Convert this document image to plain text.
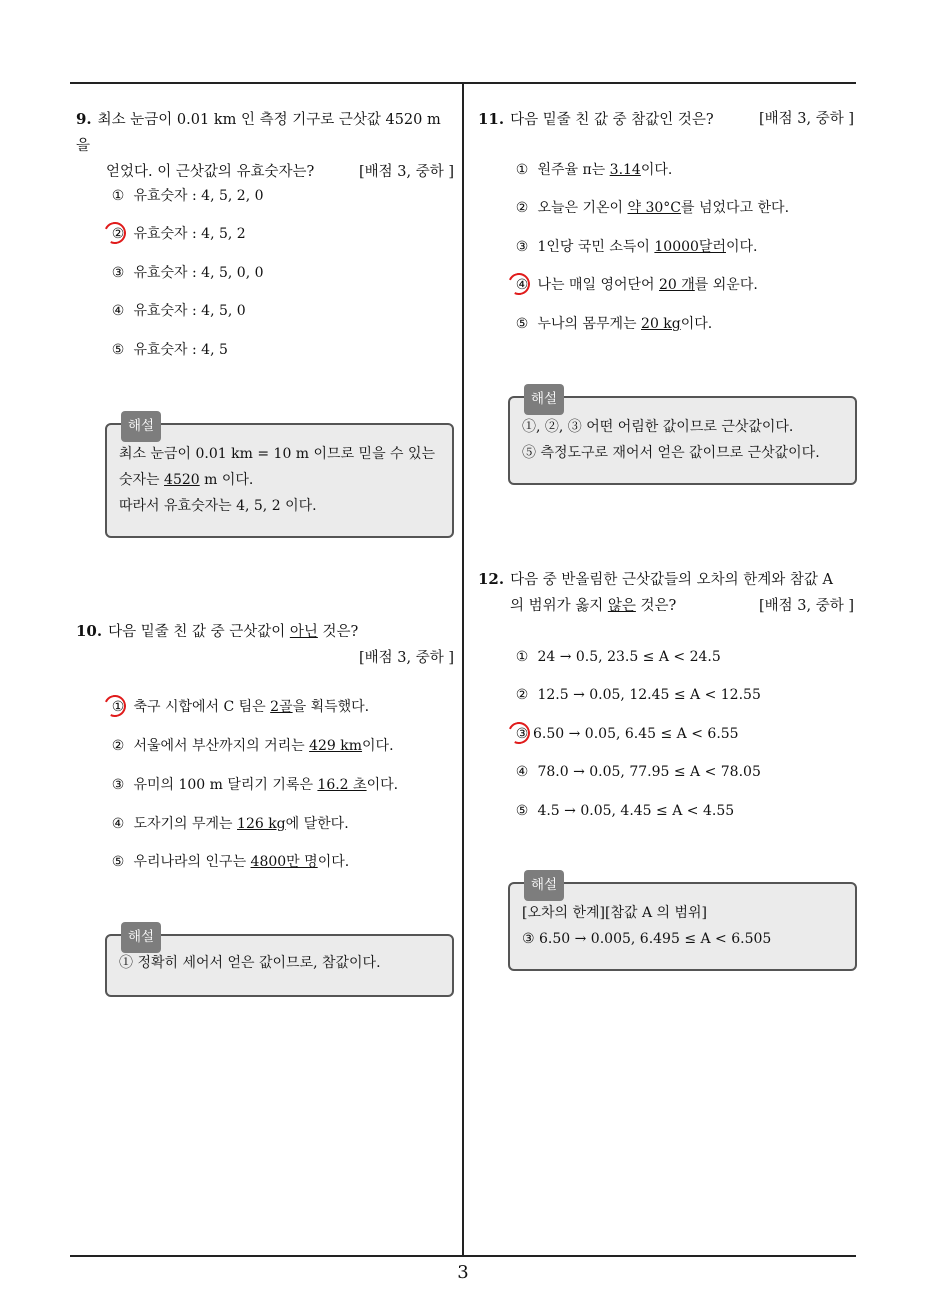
9. 최소 눈금이 0.01 km 인 측정 기구로 근삿값 4520 m 을
얻었다. 이 근삿값의 유효숫자는?	[배점 3, 중하 ]
① 유효숫자 : 4, 5, 2, 0
② 유효숫자 : 4, 5, 2
③ 유효숫자 : 4, 5, 0, 0
④ 유효숫자 : 4, 5, 0
⑤ 유효숫자 : 4, 5
해설
최소 눈금이 0.01 km = 10 m 이므로 믿을 수 있는
숫자는 4520 m 이다.
따라서 유효숫자는 4, 5, 2 이다.
10. 다음 밑줄 친 값 중 근삿값이 아닌 것은?
[배점 3, 중하 ]
① 축구 시합에서 C 팀은 2골을 획득했다.
② 서울에서 부산까지의 거리는 429 km이다.
③ 유미의 100 m 달리기 기록은 16.2 초이다.
④ 도자기의 무게는 126 kg에 달한다.
⑤ 우리나라의 인구는 4800만 명이다.
해설
① 정확히 세어서 얻은 값이므로, 참값이다.
11. 다음 밑줄 친 값 중 참값인 것은?	[배점 3, 중하 ]
① 원주율 π는 3.14이다.
② 오늘은 기온이 약 30°C를 넘었다고 한다.
③ 1인당 국민 소득이 10000달러이다.
④ 나는 매일 영어단어 20 개를 외운다.
⑤ 누나의 몸무게는 20 kg이다.
해설
①, ②, ③ 어떤 어림한 값이므로 근삿값이다.
⑤ 측정도구로 재어서 얻은 값이므로 근삿값이다.
12. 다음 중 반올림한 근삿값들의 오차의 한계와 참값 A
의 범위가 옳지 않은 것은?	[배점 3, 중하 ]
① 24 → 0.5, 23.5 ≤ A < 24.5
② 12.5 → 0.05, 12.45 ≤ A < 12.55
③ 6.50 → 0.05, 6.45 ≤ A < 6.55
④ 78.0 → 0.05, 77.95 ≤ A < 78.05
⑤ 4.5 → 0.05, 4.45 ≤ A < 4.55
해설
[오차의 한계][참값 A 의 범위]
③ 6.50 → 0.005, 6.495 ≤ A < 6.505
3
